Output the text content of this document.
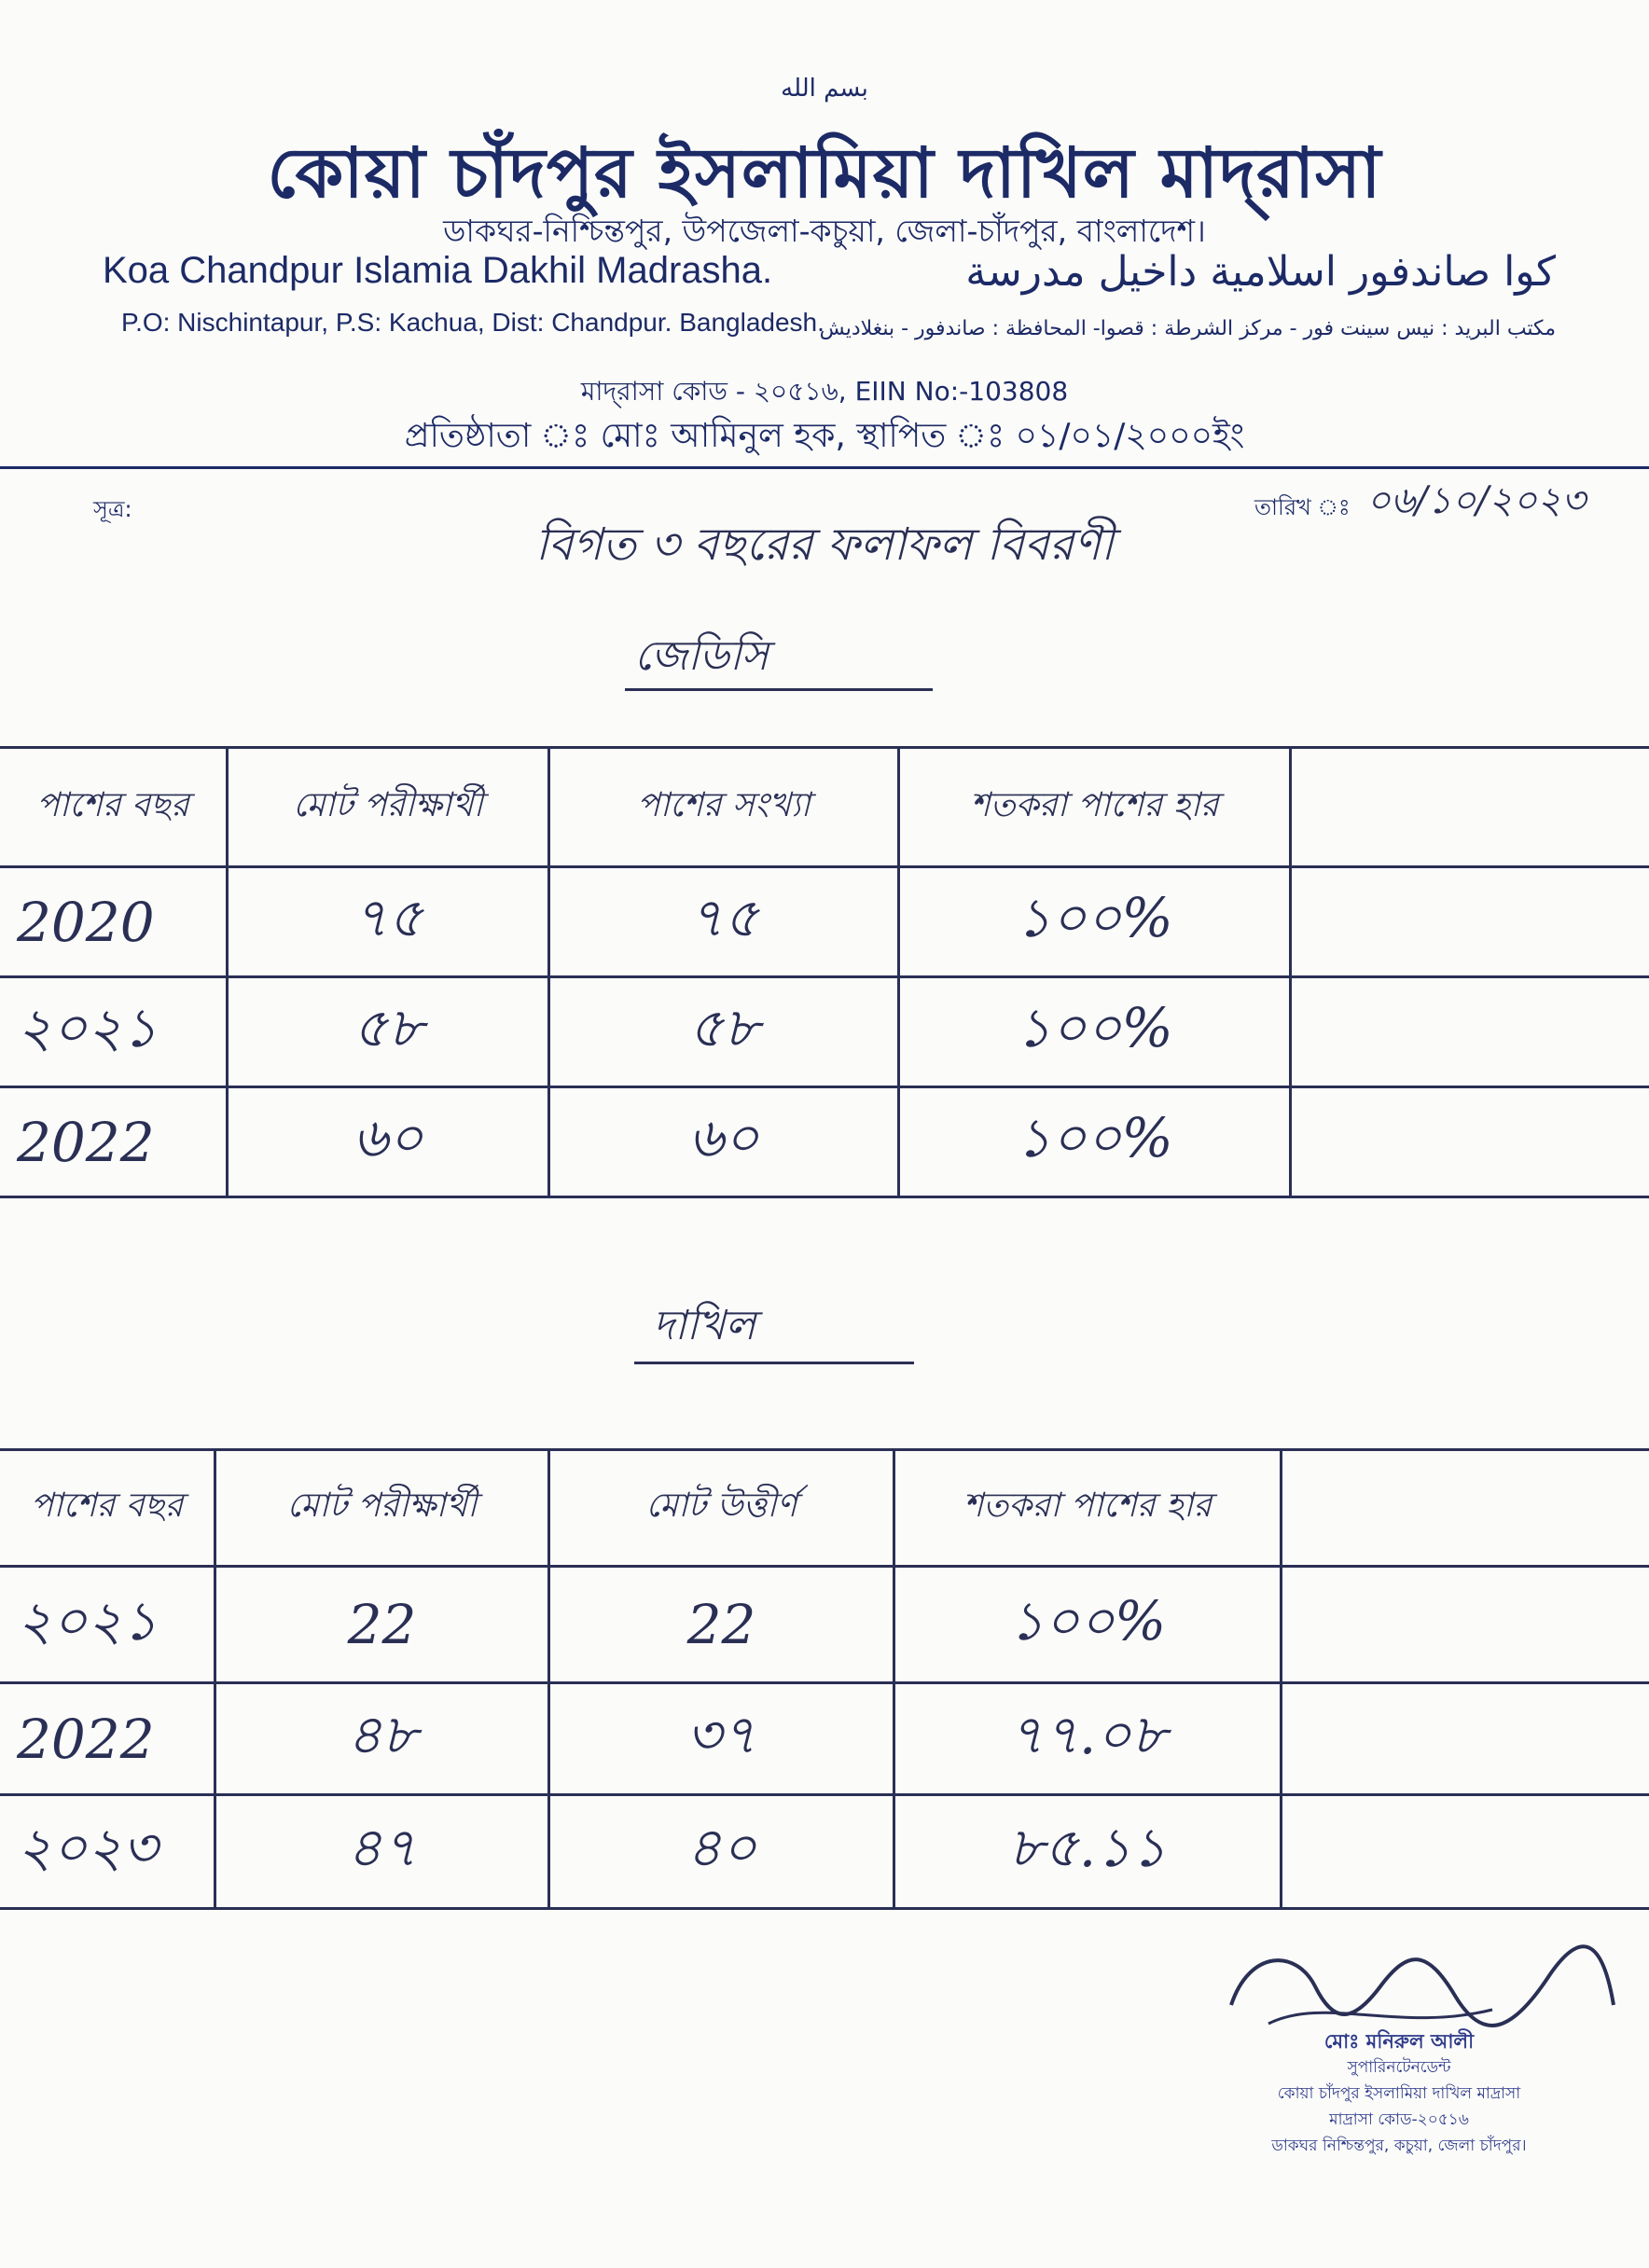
بسم الله
কোয়া চাঁদপুর ইসলামিয়া দাখিল মাদ্‌রাসা
ডাকঘর-নিশ্চিন্তপুর, উপজেলা-কচুয়া, জেলা-চাঁদপুর, বাংলাদেশ।
Koa Chandpur Islamia Dakhil Madrasha.
P.O: Nischintapur, P.S: Kachua, Dist: Chandpur. Bangladesh.
كوا صاندفور اسلامية داخيل مدرسة
مكتب البريد : نيس سينت فور - مركز الشرطة : قصوا- المحافظة : صاندفور - بنغلاديش
মাদ্‌রাসা কোড - ২০৫১৬, EIIN No:-103808
প্রতিষ্ঠাতা ঃ মোঃ আমিনুল হক, স্থাপিত ঃ ০১/০১/২০০০ইং
সূত্র:	তারিখ ঃ ০৬/১০/২০২৩
বিগত ৩ বছরের ফলাফল বিবরণী
জেডিসি
পাশের বছর	মোট পরীক্ষার্থী	পাশের সংখ্যা	শতকরা পাশের হার	
2020	৭৫	৭৫	১০০%	
২০২১	৫৮	৫৮	১০০%	
2022	৬০	৬০	১০০%	
দাখিল
পাশের বছর	মোট পরীক্ষার্থী	মোট উত্তীর্ণ	শতকরা পাশের হার	
২০২১	22	22	১০০%	
2022	৪৮	৩৭	৭৭.০৮	
২০২৩	৪৭	৪০	৮৫.১১	
মোঃ মনিরুল আলী
সুপারিনটেনডেন্ট
কোয়া চাঁদপুর ইসলামিয়া দাখিল মাদ্রাসা
মাদ্রাসা কোড-২০৫১৬
ডাকঘর নিশ্চিন্তপুর, কচুয়া, জেলা চাঁদপুর।
